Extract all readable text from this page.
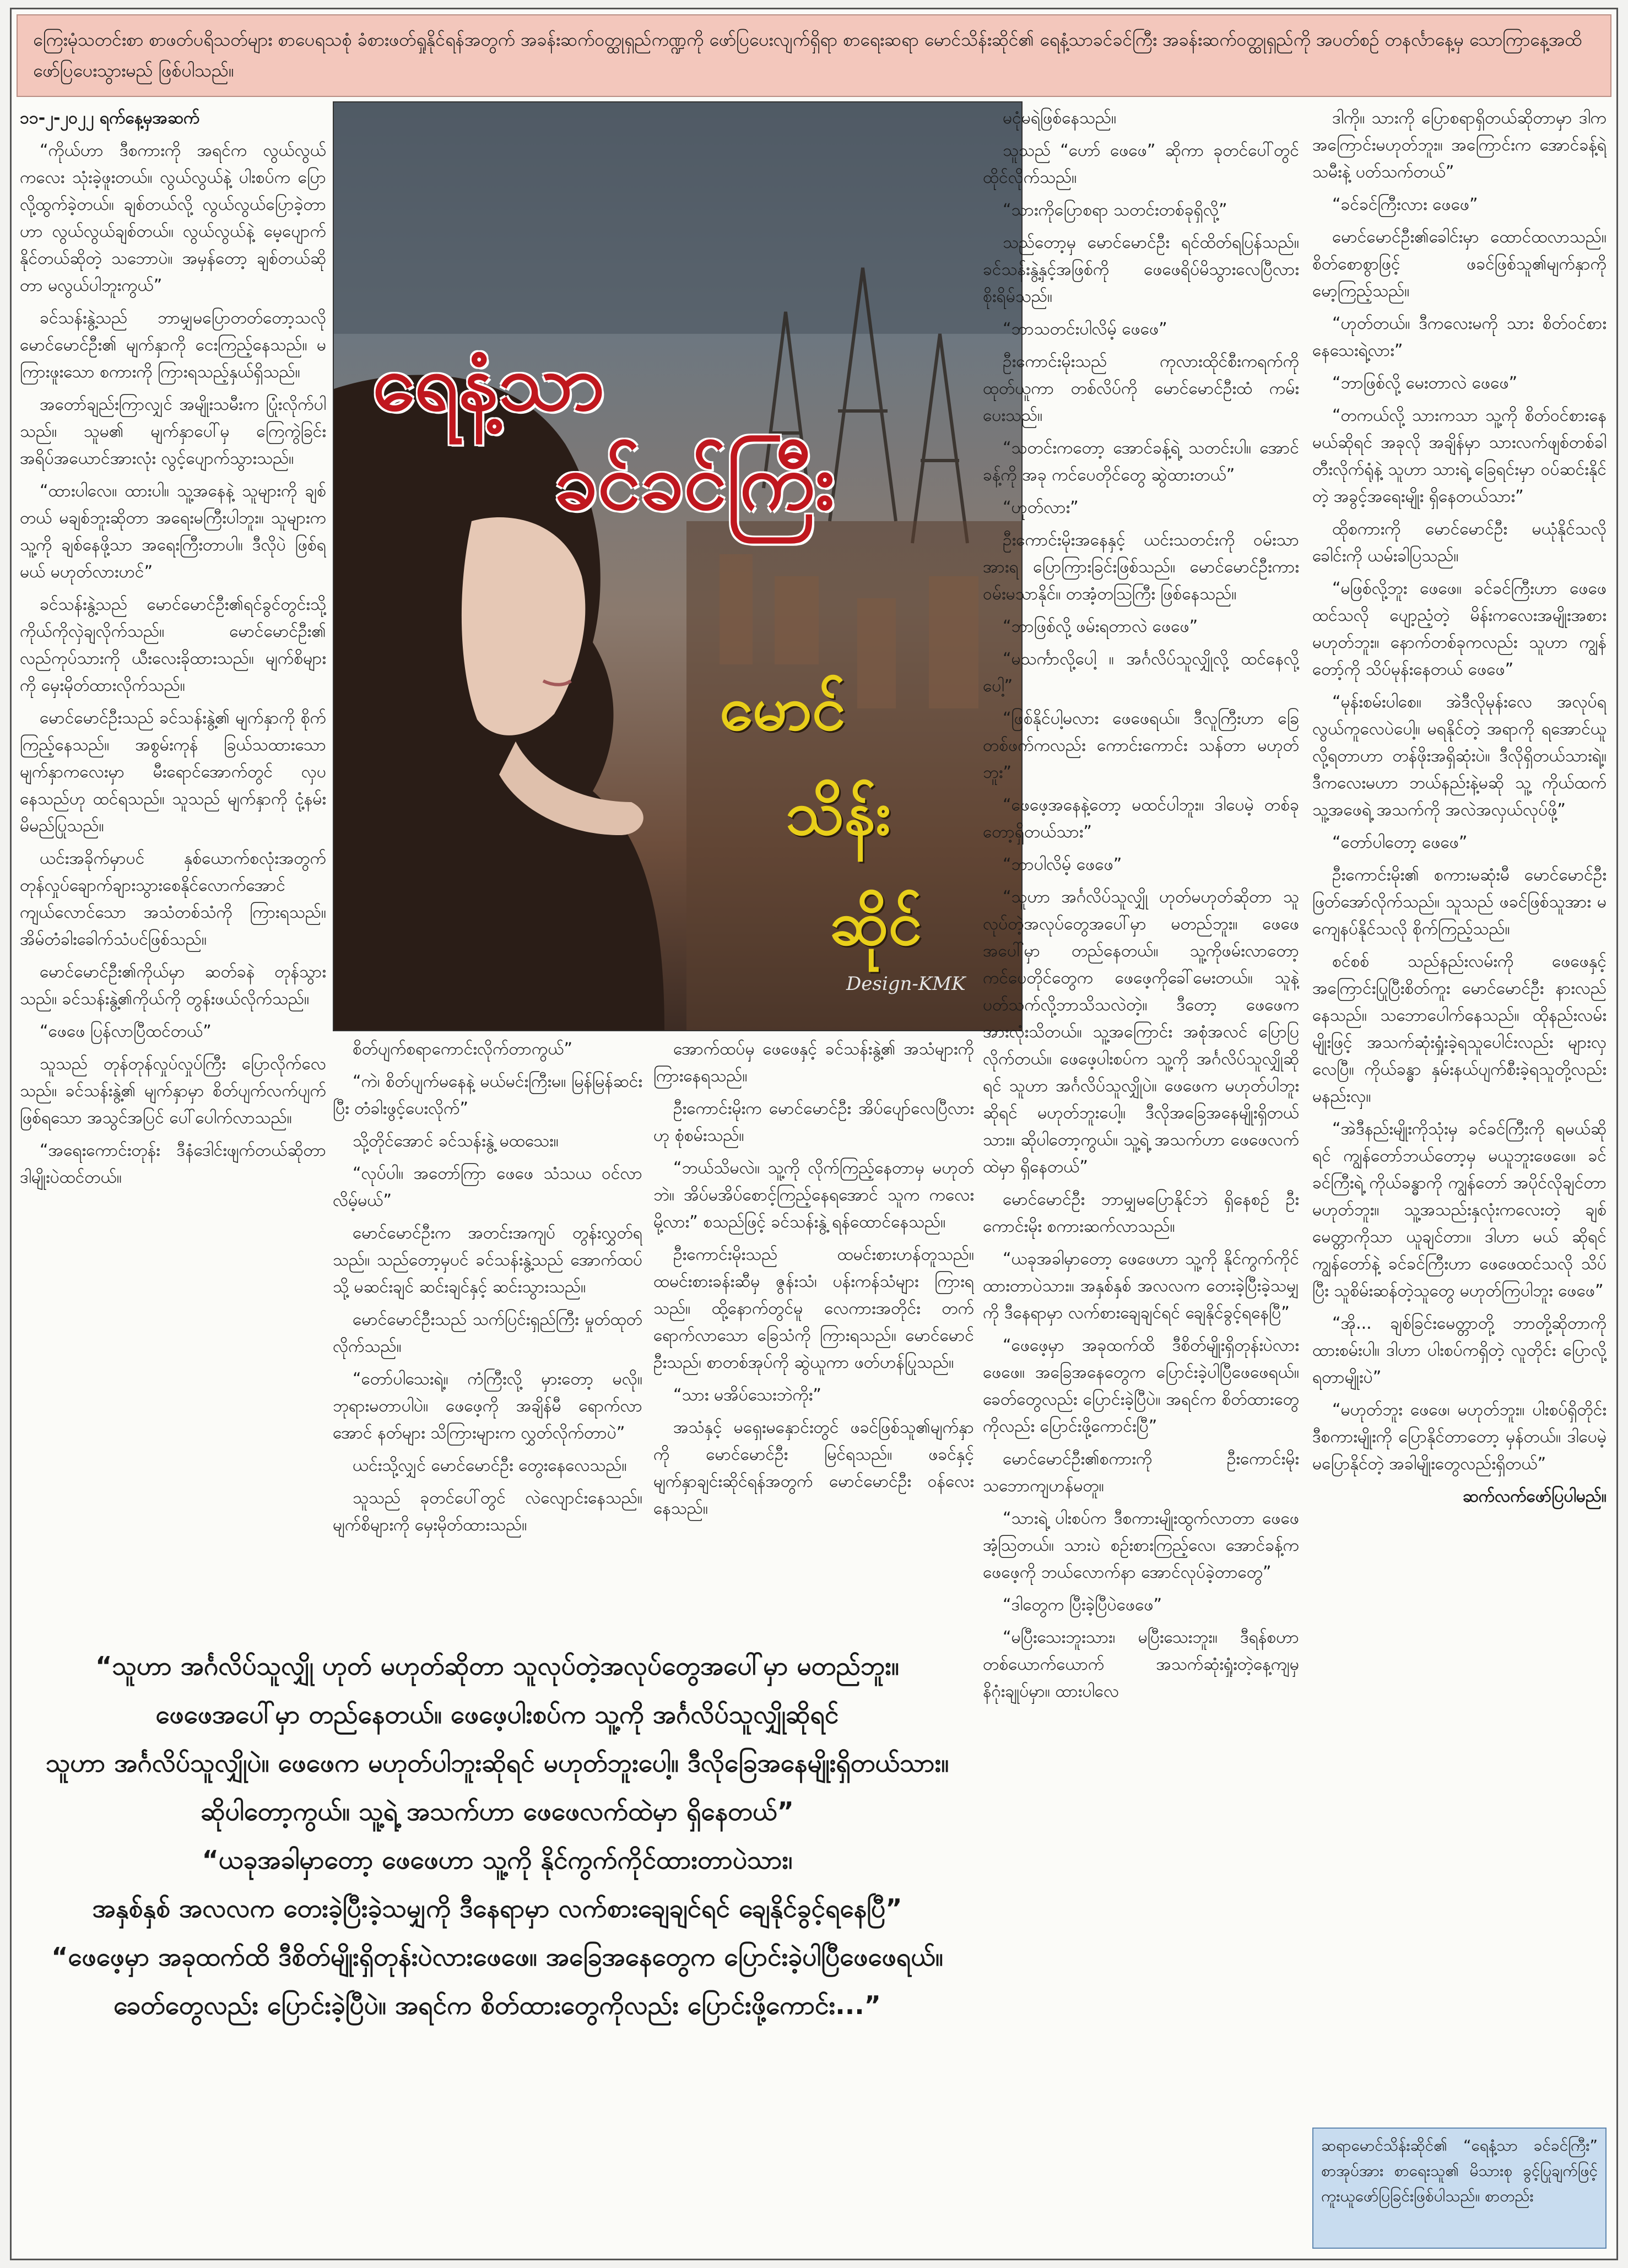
ကြေးမုံသတင်းစာ စာဖတ်ပရိသတ်များ စာပေရသစုံ ခံစားဖတ်ရှုနိုင်ရန်အတွက် အခန်းဆက်ဝတ္ထုရှည်ကဏ္ဍကို ဖော်ပြပေးလျက်ရှိရာ စာရေးဆရာ မောင်သိန်းဆိုင်၏ ရေနံ့သာခင်ခင်ကြီး အခန်းဆက်ဝတ္ထုရှည်ကို အပတ်စဉ် တနင်္လာနေ့မှ သောကြာနေ့အထိ ဖော်ပြပေးသွားမည် ဖြစ်ပါသည်။

၁၁-၂-၂၀၂၂ ရက်နေ့မှအဆက်

“ကိုယ်ဟာ ဒီစကားကို အရင်က လွယ်လွယ်ကလေး သုံးခဲ့ဖူးတယ်။ လွယ်လွယ်နဲ့ ပါးစပ်က ပြောလို့ထွက်ခဲ့တယ်။ ချစ်တယ်လို့ လွယ်လွယ်ပြောခဲ့တာဟာ လွယ်လွယ်ချစ်တယ်။ လွယ်လွယ်နဲ့ မေ့ပျောက်နိုင်တယ်ဆိုတဲ့ သဘောပဲ။ အမှန်တော့ ချစ်တယ်ဆိုတာ မလွယ်ပါဘူးကွယ်”

ခင်သန်းနွဲ့သည် ဘာမျှမပြောတတ်တော့သလို မောင်မောင်ဦး၏ မျက်နှာကို ငေးကြည့်နေသည်။ မကြားဖူးသော စကားကို ကြားရသည့်နှယ်ရှိသည်။

အတော်ချည်းကြာလျှင် အမျိုးသမီးက ပြုံးလိုက်ပါသည်။ သူမ၏ မျက်နှာပေါ်မှ ကြေကွဲခြင်း အရိပ်အယောင်အားလုံး လွင့်ပျောက်သွားသည်။

“ထားပါလေ။ ထားပါ။ သူ့အနေနဲ့ သူများကို ချစ်တယ် မချစ်ဘူးဆိုတာ အရေးမကြီးပါဘူး။ သူများက သူ့ကို ချစ်နေဖို့သာ အရေးကြီးတာပါ။ ဒီလိုပဲ ဖြစ်ရမယ် မဟုတ်လားဟင်”

ခင်သန်းနွဲ့သည် မောင်မောင်ဦး၏ရင်ခွင်တွင်းသို့ ကိုယ်ကိုလှဲချလိုက်သည်။ မောင်မောင်ဦး၏ လည်ကုပ်သားကို ယီးလေးခိုထားသည်။ မျက်စိများကို မှေးမိုတ်ထားလိုက်သည်။

မောင်မောင်ဦးသည် ခင်သန်းနွဲ့၏ မျက်နှာကို စိုက်ကြည့်နေသည်။ အစွမ်းကုန် ခြယ်သထားသော မျက်နှာကလေးမှာ မီးရောင်အောက်တွင် လှပနေသည်ဟု ထင်ရသည်။ သူသည် မျက်နှာကို ငုံ့နမ်းမိမည်ပြုသည်။

ယင်းအခိုက်မှာပင် နှစ်ယောက်စလုံးအတွက် တုန်လှုပ်ချောက်ချားသွားစေနိုင်လောက်အောင် ကျယ်လောင်သော အသံတစ်သံကို ကြားရသည်။ အိမ်တံခါးခေါက်သံပင်ဖြစ်သည်။

မောင်မောင်ဦး၏ကိုယ်မှာ ဆတ်ခနဲ တုန်သွားသည်။ ခင်သန်းနွဲ့၏ကိုယ်ကို တွန်းဖယ်လိုက်သည်။

“ဖေဖေ ပြန်လာပြီထင်တယ်”

သူသည် တုန်တုန်လှုပ်လှုပ်ကြီး ပြောလိုက်လေသည်။ ခင်သန်းနွဲ့၏ မျက်နှာမှာ စိတ်ပျက်လက်ပျက် ဖြစ်ရသော အသွင်အပြင် ပေါ်ပေါက်လာသည်။

“အရေးကောင်းတုန်း ဒီနံဒေါင်းဖျက်တယ်ဆိုတာ ဒါမျိုးပဲထင်တယ်။

ရေနံ့သာ
ခင်ခင်ကြီး
မောင်
သိန်း
ဆိုင်
Design-KMK

စိတ်ပျက်စရာကောင်းလိုက်တာကွယ်”

“ကဲ၊ စိတ်ပျက်မနေနဲ့ မယ်မင်းကြီးမ။ မြန်မြန်ဆင်းပြီး တံခါးဖွင့်ပေးလိုက်”

သို့တိုင်အောင် ခင်သန်းနွဲ့ မထသေး။

“လုပ်ပါ။ အတော်ကြာ ဖေဖေ သံသယ ဝင်လာလိမ့်မယ်”

မောင်မောင်ဦးက အတင်းအကျပ် တွန်းလွှတ်ရသည်။ သည်တော့မှပင် ခင်သန်းနွဲ့သည် အောက်ထပ်သို့ မဆင်းချင် ဆင်းချင်နှင့် ဆင်းသွားသည်။

မောင်မောင်ဦးသည် သက်ပြင်းရှည်ကြီး မှုတ်ထုတ်လိုက်သည်။

“တော်ပါသေးရဲ့။ ကံကြီးလို့ မှားတော့ မလို။ ဘုရားမတာပါပဲ။ ဖေဖေ့ကို အချိန်မီ ရောက်လာအောင် နတ်များ သိကြားများက လွှတ်လိုက်တာပဲ”

ယင်းသို့လျှင် မောင်မောင်ဦး တွေးနေလေသည်။

သူသည် ခုတင်ပေါ်တွင် လဲလျောင်းနေသည်။ မျက်စိများကို မှေးမိုတ်ထားသည်။

အောက်ထပ်မှ ဖေဖေနှင့် ခင်သန်းနွဲ့၏ အသံများကို ကြားနေရသည်။

ဦးကောင်းမိုးက မောင်မောင်ဦး အိပ်ပျော်လေပြီလားဟု စုံစမ်းသည်။

“ဘယ်သိမလဲ။ သူ့ကို လိုက်ကြည့်နေတာမှ မဟုတ်ဘဲ။ အိပ်မအိပ်စောင့်ကြည့်နေရအောင် သူက ကလေးမို့လား” စသည်ဖြင့် ခင်သန်းနွဲ့ ရန်ထောင်နေသည်။

ဦးကောင်းမိုးသည် ထမင်းစားဟန်တူသည်။ ထမင်းစားခန်းဆီမှ ဇွန်းသံ၊ ပန်းကန်သံများ ကြားရသည်။ ထို့နောက်တွင်မူ လေကားအတိုင်း တက်ရောက်လာသော ခြေသံကို ကြားရသည်။ မောင်မောင်ဦးသည်၊ စာတစ်အုပ်ကို ဆွဲယူကာ ဖတ်ဟန်ပြုသည်။

“သား မအိပ်သေးဘဲကိုး”

အသံနှင့် မရှေးမနှောင်းတွင် ဖခင်ဖြစ်သူ၏မျက်နှာကို မောင်မောင်ဦး မြင်ရသည်။ ဖခင်နှင့် မျက်နှာချင်းဆိုင်ရန်အတွက် မောင်မောင်ဦး ဝန်လေးနေသည်။

မငုံမရဲဖြစ်နေသည်။

သူသည် “ဟော် ဖေဖေ” ဆိုကာ ခုတင်ပေါ်တွင် ထိုင်လိုက်သည်။

“သားကိုပြောစရာ သတင်းတစ်ခုရှိလို့”

သည်တော့မှ မောင်မောင်ဦး ရင်ထိတ်ရပြန်သည်။ ခင်သန်းနွဲ့နှင့်အဖြစ်ကို ဖေဖေရိပ်မိသွားလေပြီလား စိုးရိမ်သည်။

“ဘာသတင်းပါလိမ့် ဖေဖေ”

ဦးကောင်းမိုးသည် ကုလားထိုင်စီးကရက်ကို ထုတ်ယူကာ တစ်လိပ်ကို မောင်မောင်ဦးထံ ကမ်းပေးသည်။

“သတင်းကတော့ အောင်ခန့်ရဲ့ သတင်းပါ။ အောင်ခန့်ကို အခု ကင်ပေတိုင်တွေ ဆွဲထားတယ်”

“ဟုတ်လား”

ဦးကောင်းမိုးအနေနှင့် ယင်းသတင်းကို ဝမ်းသာအားရ ပြောကြားခြင်းဖြစ်သည်။ မောင်မောင်ဦးကား ဝမ်းမသာနိုင်။ တအံ့တသြကြီး ဖြစ်နေသည်။

“ဘာဖြစ်လို့ ဖမ်းရတာလဲ ဖေဖေ”

“မသင်္ကာလို့ပေါ့ ။ အင်္ဂလိပ်သူလျှိုလို့ ထင်နေလို့ပေါ့”

“ဖြစ်နိုင်ပါ့မလား ဖေဖေရယ်။ ဒီလူကြီးဟာ ခြေတစ်ဖက်ကလည်း ကောင်းကောင်း သန်တာ မဟုတ်ဘူး”

“ဖေဖေ့အနေနဲ့တော့ မထင်ပါဘူး။ ဒါပေမဲ့ တစ်ခုတော့ရှိတယ်သား”

“ဘာပါလိမ့် ဖေဖေ”

“သူဟာ အင်္ဂလိပ်သူလျှို ဟုတ်မဟုတ်ဆိုတာ သူလုပ်တဲ့အလုပ်တွေအပေါ်မှာ မတည်ဘူး။ ဖေဖေအပေါ်မှာ တည်နေတယ်။ သူ့ကိုဖမ်းလာတော့ ကင်ပေတိုင်တွေက ဖေဖေ့ကိုခေါ်မေးတယ်။ သူနဲ့ ပတ်သက်လို့ဘာသိသလဲတဲ့။ ဒီတော့ ဖေဖေက အားလုံးသိတယ်။ သူ့အကြောင်း အစုံအလင် ပြောပြလိုက်တယ်။ ဖေဖေ့ပါးစပ်က သူ့ကို အင်္ဂလိပ်သူလျှိုဆိုရင် သူဟာ အင်္ဂလိပ်သူလျှိုပဲ။ ဖေဖေက မဟုတ်ပါဘူးဆိုရင် မဟုတ်ဘူးပေါ့။ ဒီလိုအခြေအနေမျိုးရှိတယ်သား။ ဆိုပါတော့ကွယ်။ သူ့ရဲ့ အသက်ဟာ ဖေဖေလက်ထဲမှာ ရှိနေတယ်”

မောင်မောင်ဦး ဘာမျှမပြောနိုင်ဘဲ ရှိနေစဉ် ဦးကောင်းမိုး စကားဆက်လာသည်။

“ယခုအခါမှာတော့ ဖေဖေဟာ သူ့ကို နိုင်ကွက်ကိုင်ထားတာပဲသား။ အနှစ်နှစ် အလလက တေးခဲ့ပြီးခဲ့သမျှကို ဒီနေရာမှာ လက်စားချေချင်ရင် ချေနိုင်ခွင့်ရနေပြီ”

“ဖေဖေ့မှာ အခုထက်ထိ ဒီစိတ်မျိုးရှိတုန်းပဲလားဖေဖေ။ အခြေအနေတွေက ပြောင်းခဲ့ပါပြီဖေဖေရယ်။ ခေတ်တွေလည်း ပြောင်းခဲ့ပြီပဲ။ အရင်က စိတ်ထားတွေကိုလည်း ပြောင်းဖို့ကောင်းပြီ”

မောင်မောင်ဦး၏စကားကို ဦးကောင်းမိုး သဘောကျဟန်မတူ။

“သားရဲ့ ပါးစပ်က ဒီစကားမျိုးထွက်လာတာ ဖေဖေအံ့သြတယ်။ သားပဲ စဉ်းစားကြည့်လေ၊ အောင်ခန့်က ဖေဖေ့ကို ဘယ်လောက်နာ အောင်လုပ်ခဲ့တာတွေ”

“ဒါတွေက ပြီးခဲ့ပြီပဲဖေဖေ”

“မပြီးသေးဘူးသား၊ မပြီးသေးဘူး။ ဒီရန်စဟာ တစ်ယောက်ယောက် အသက်ဆုံးရှုံးတဲ့နေ့ကျမှ နိဂုံးချုပ်မှာ။ ထားပါလေ

ဒါကို။ သားကို ပြောစရာရှိတယ်ဆိုတာမှာ ဒါက အကြောင်းမဟုတ်ဘူး။ အကြောင်းက အောင်ခန့်ရဲ့ သမီးနဲ့ ပတ်သက်တယ်”

“ခင်ခင်ကြီးလား ဖေဖေ”

မောင်မောင်ဦး၏ခေါင်းမှာ ထောင်ထလာသည်။ စိတ်စောစွာဖြင့် ဖခင်ဖြစ်သူ၏မျက်နှာကို မော့ကြည့်သည်။

“ဟုတ်တယ်။ ဒီကလေးမကို သား စိတ်ဝင်စားနေသေးရဲ့လား”

“ဘာဖြစ်လို့ မေးတာလဲ ဖေဖေ”

“တကယ်လို့ သားကသာ သူ့ကို စိတ်ဝင်စားနေမယ်ဆိုရင် အခုလို အချိန်မှာ သားလက်ဖျစ်တစ်ခါတီးလိုက်ရုံနဲ့ သူဟာ သားရဲ့ ခြေရင်းမှာ ဝပ်ဆင်းနိုင်တဲ့ အခွင့်အရေးမျိုး ရှိနေတယ်သား”

ထိုစကားကို မောင်မောင်ဦး မယုံနိုင်သလို ခေါင်းကို ယမ်းခါပြသည်။

“မဖြစ်လို့ဘူး ဖေဖေ။ ခင်ခင်ကြီးဟာ ဖေဖေထင်သလို ပျော့ညံ့တဲ့ မိန်းကလေးအမျိုးအစား မဟုတ်ဘူး။ နောက်တစ်ခုကလည်း သူဟာ ကျွန်တော့်ကို သိပ်မုန်းနေတယ် ဖေဖေ”

“မုန်းစမ်းပါစေ။ အဲဒီလိုမုန်းလေ အလုပ်ရလွယ်ကူလေပဲပေါ့။ မရနိုင်တဲ့ အရာကို ရအောင်ယူလို့ရတာဟာ တန်ဖိုးအရှိဆုံးပဲ။ ဒီလိုရှိတယ်သားရဲ့။ ဒီကလေးမဟာ ဘယ်နည်းနဲ့မဆို သူ့ ကိုယ်ထက် သူ့အဖေရဲ့ အသက်ကို အလဲအလှယ်လုပ်ဖို့”

“တော်ပါတော့ ဖေဖေ”

ဦးကောင်းမိုး၏ စကားမဆုံးမီ မောင်မောင်ဦး ဖြတ်အော်လိုက်သည်။ သူသည် ဖခင်ဖြစ်သူအား မကျေနပ်နိုင်သလို စိုက်ကြည့်သည်။

စင်စစ် သည်နည်းလမ်းကို ဖေဖေနှင့် အကြောင်းပြုပြီးစိတ်ကူး မောင်မောင်ဦး နားလည်နေသည်။ သဘောပေါက်နေသည်။ ထိုနည်းလမ်းမျိုးဖြင့် အသက်ဆုံးရှုံးခဲ့ရသူပေါင်းလည်း များလှလေပြီ။ ကိုယ်ခန္ဓာ နှမ်းနယ်ပျက်စီးခဲ့ရသူတို့လည်း မနည်းလှ။

“အဲဒီနည်းမျိုးကိုသုံးမှ ခင်ခင်ကြီးကို ရမယ်ဆိုရင် ကျွန်တော်ဘယ်တော့မှ မယူဘူးဖေဖေ။ ခင်ခင်ကြီးရဲ့ ကိုယ်ခန္ဓာကို ကျွန်တော် အပိုင်လိုချင်တာ မဟုတ်ဘူး။ သူ့အသည်းနှလုံးကလေးတဲ့ ချစ်မေတ္တာကိုသာ ယူချင်တာ။ ဒါဟာ မယ် ဆိုရင် ကျွန်တော်နဲ့ ခင်ခင်ကြီးဟာ ဖေဖေထင်သလို သိပ်ပြီး သူစိမ်းဆန်တဲ့သူတွေ မဟုတ်ကြပါဘူး ဖေဖေ”

“အို... ချစ်ခြင်းမေတ္တာတို့ ဘာတို့ဆိုတာကို ထားစမ်းပါ။ ဒါဟာ ပါးစပ်ကရှိတဲ့ လူတိုင်း ပြောလို့ရတာမျိုးပဲ”

“မဟုတ်ဘူး ဖေဖေ၊ မဟုတ်ဘူး။ ပါးစပ်ရှိတိုင်း ဒီစကားမျိုးကို ပြောနိုင်တာတော့ မှန်တယ်။ ဒါပေမဲ့ မပြောနိုင်တဲ့ အခါမျိုးတွေလည်းရှိတယ်”

ဆက်လက်ဖော်ပြပါမည်။

“သူဟာ အင်္ဂလိပ်သူလျှို ဟုတ် မဟုတ်ဆိုတာ သူလုပ်တဲ့အလုပ်တွေအပေါ်မှာ မတည်ဘူး။

ဖေဖေအပေါ်မှာ တည်နေတယ်။ ဖေဖေ့ပါးစပ်က သူ့ကို အင်္ဂလိပ်သူလျှိုဆိုရင်

သူဟာ အင်္ဂလိပ်သူလျှိုပဲ။ ဖေဖေက မဟုတ်ပါဘူးဆိုရင် မဟုတ်ဘူးပေါ့။ ဒီလိုခြေအနေမျိုးရှိတယ်သား။

ဆိုပါတော့ကွယ်။ သူ့ရဲ့ အသက်ဟာ ဖေဖေလက်ထဲမှာ ရှိနေတယ်”

“ယခုအခါမှာတော့ ဖေဖေဟာ သူ့ကို နိုင်ကွက်ကိုင်ထားတာပဲသား၊

အနှစ်နှစ် အလလက တေးခဲ့ပြီးခဲ့သမျှကို ဒီနေရာမှာ လက်စားချေချင်ရင် ချေနိုင်ခွင့်ရနေပြီ”

“ဖေဖေ့မှာ အခုထက်ထိ ဒီစိတ်မျိုးရှိတုန်းပဲလားဖေဖေ။ အခြေအနေတွေက ပြောင်းခဲ့ပါပြီဖေဖေရယ်။

ခေတ်တွေလည်း ပြောင်းခဲ့ပြီပဲ။ အရင်က စိတ်ထားတွေကိုလည်း ပြောင်းဖို့ကောင်း...”

ဆရာမောင်သိန်းဆိုင်၏ “ရေနံ့သာ ခင်ခင်ကြီး” စာအုပ်အား စာရေးသူ၏ မိသားစု ခွင့်ပြုချက်ဖြင့် ကူးယူဖော်ပြခြင်းဖြစ်ပါသည်။ စာတည်း
